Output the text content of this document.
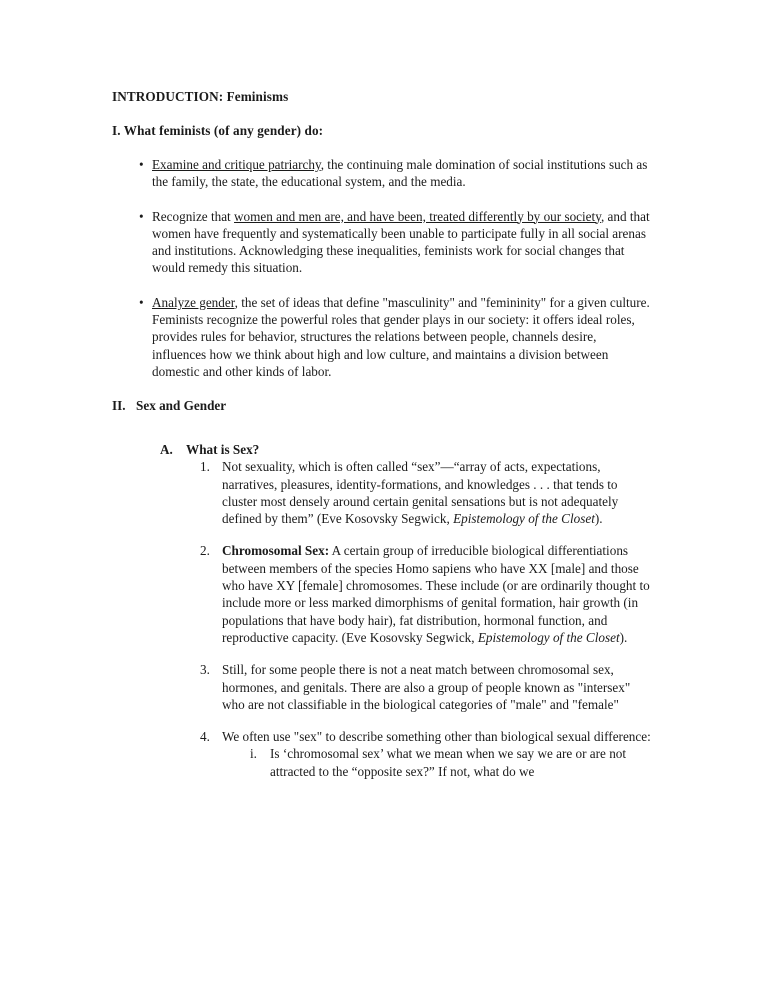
INTRODUCTION: Feminisms

I. What feminists (of any gender) do:

• Examine and critique patriarchy, the continuing male domination of social institutions such as the family, the state, the educational system, and the media.
• Recognize that women and men are, and have been, treated differently by our society, and that women have frequently and systematically been unable to participate fully in all social arenas and institutions. Acknowledging these inequalities, feminists work for social changes that would remedy this situation.
• Analyze gender, the set of ideas that define "masculinity" and "femininity" for a given culture. Feminists recognize the powerful roles that gender plays in our society: it offers ideal roles, provides rules for behavior, structures the relations between people, channels desire, influences how we think about high and low culture, and maintains a division between domestic and other kinds of labor.

II. Sex and Gender

A. What is Sex?

1. Not sexuality, which is often called “sex”—“array of acts, expectations, narratives, pleasures, identity-formations, and knowledges . . . that tends to cluster most densely around certain genital sensations but is not adequately defined by them” (Eve Kosovsky Segwick, Epistemology of the Closet).
2. Chromosomal Sex: A certain group of irreducible biological differentiations between members of the species Homo sapiens who have XX [male] and those who have XY [female] chromosomes. These include (or are ordinarily thought to include more or less marked dimorphisms of genital formation, hair growth (in populations that have body hair), fat distribution, hormonal function, and reproductive capacity. (Eve Kosovsky Segwick, Epistemology of the Closet).
3. Still, for some people there is not a neat match between chromosomal sex, hormones, and genitals. There are also a group of people known as "intersex" who are not classifiable in the biological categories of "male" and "female"
4. We often use "sex" to describe something other than biological sexual difference:
i. Is ‘chromosomal sex’ what we mean when we say we are or are not attracted to the “opposite sex?” If not, what do we
